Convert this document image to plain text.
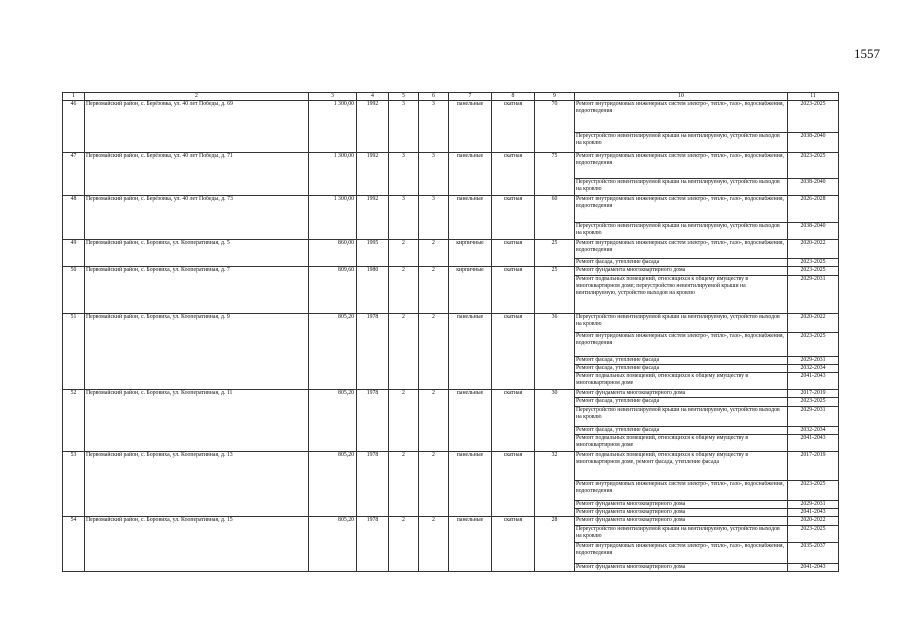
1557
1	2	3	4	5	6	7	8	9	10	11
46	Первомайский район, с. Берёзовка, ул. 40 лет Победы, д. 69	1 300,00	1992	3	3	панельные	скатная	70	Ремонт внутридомовых инженерных систем электро-, тепло-, газо-, водоснабжения, водоотведения	2023-2025
									Переустройство невентилируемой крыши на вентилируемую, устройство выходов на кровлю	2038-2040
47	Первомайский район, с. Берёзовка, ул. 40 лет Победы, д. 71	1 300,00	1992	3	3	панельные	скатная	75	Ремонт внутридомовых инженерных систем электро-, тепло-, газо-, водоснабжения, водоотведения	2023-2025
									Переустройство невентилируемой крыши на вентилируемую, устройство выходов на кровлю	2038-2040
48	Первомайский район, с. Берёзовка, ул. 40 лет Победы, д. 73	1 300,00	1992	3	3	панельные	скатная	60	Ремонт внутридомовых инженерных систем электро-, тепло-, газо-, водоснабжения, водоотведения	2026-2028
									Переустройство невентилируемой крыши на вентилируемую, устройство выходов на кровлю	2038-2040
49	Первомайский район, с. Боровиха, ул. Кооперативная, д. 5	860,00	1995	2	2	кирпичные	скатная	25	Ремонт внутридомовых инженерных систем электро-, тепло-, газо-, водоснабжения, водоотведения	2020-2022
									Ремонт фасада, утепление фасада	2023-2025
50	Первомайский район, с. Боровиха, ул. Кооперативная, д. 7	809,60	1980	2	2	кирпичные	скатная	25	Ремонт фундамента многоквартирного дома	2023-2025
									Ремонт подвальных помещений, относящихся к общему имуществу в многоквартирном доме; переустройство невентилируемой крыши на вентилируемую, устройство выходов на кровлю	2029-2031
51	Первомайский район, с. Боровиха, ул. Кооперативная, д. 9	805,20	1978	2	2	панельные	скатная	36	Переустройство невентилируемой крыши на вентилируемую, устройство выходов на кровлю	2020-2022
									Ремонт внутридомовых инженерных систем электро-, тепло-, газо-, водоснабжения, водоотведения	2023-2025
									Ремонт фасада, утепление фасада	2029-2031
									Ремонт фасада, утепление фасада	2032-2034
									Ремонт подвальных помещений, относящихся к общему имуществу в многоквартирном доме	2041-2043
52	Первомайский район, с. Боровиха, ул. Кооперативная, д. 11	805,20	1978	2	2	панельные	скатная	30	Ремонт фундамента многоквартирного дома	2017-2019
									Ремонт фасада, утепление фасада	2023-2025
									Переустройство невентилируемой крыши на вентилируемую, устройство выходов на кровлю	2029-2031
									Ремонт фасада, утепление фасада	2032-2034
									Ремонт подвальных помещений, относящихся к общему имуществу в многоквартирном доме	2041-2043
53	Первомайский район, с. Боровиха, ул. Кооперативная, д. 13	805,20	1978	2	2	панельные	скатная	32	Ремонт подвальных помещений, относящихся к общему имуществу в многоквартирном доме, ремонт фасада, утепление фасада	2017-2019
									Ремонт внутридомовых инженерных систем электро-, тепло-, газо-, водоснабжения, водоотведения	2023-2025
									Ремонт фундамента многоквартирного дома	2029-2031
									Ремонт фундамента многоквартирного дома	2041-2043
54	Первомайский район, с. Боровиха, ул. Кооперативная, д. 15	805,20	1978	2	2	панельные	скатная	28	Ремонт фундамента многоквартирного дома	2020-2022
									Переустройство невентилируемой крыши на вентилируемую, устройство выходов на кровлю	2023-2025
									Ремонт внутридомовых инженерных систем электро-, тепло-, газо-, водоснабжения, водоотведения	2035-2037
									Ремонт фундамента многоквартирного дома	2041-2043
